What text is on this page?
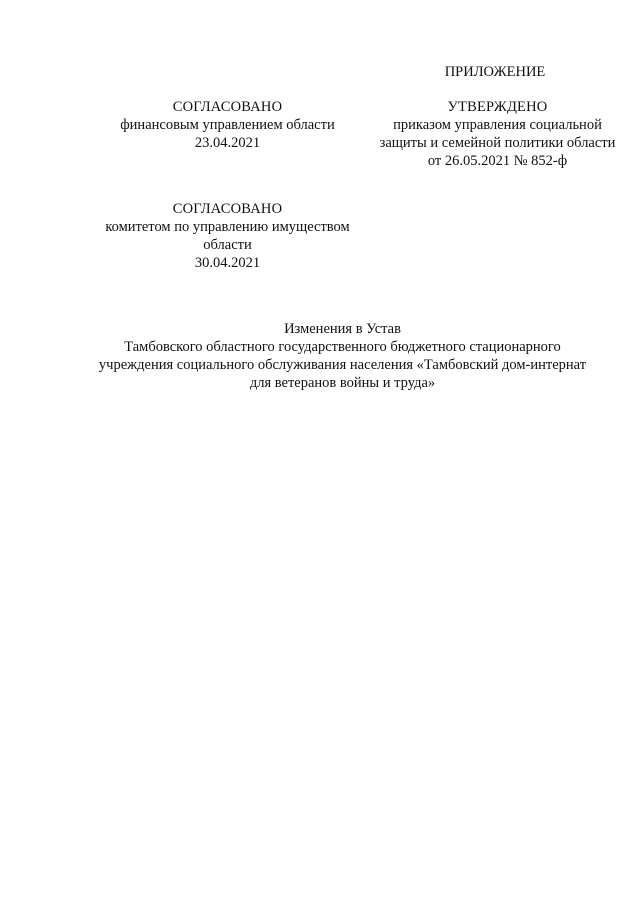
ПРИЛОЖЕНИЕ
УТВЕРЖДЕНО
приказом управления социальной
защиты и семейной политики области
от 26.05.2021 № 852-ф
СОГЛАСОВАНО
финансовым управлением области
23.04.2021
СОГЛАСОВАНО
комитетом по управлению имуществом
области
30.04.2021
Изменения в Устав
Тамбовского областного государственного бюджетного стационарного
учреждения социального обслуживания населения «Тамбовский дом-интернат
для ветеранов войны и труда»
